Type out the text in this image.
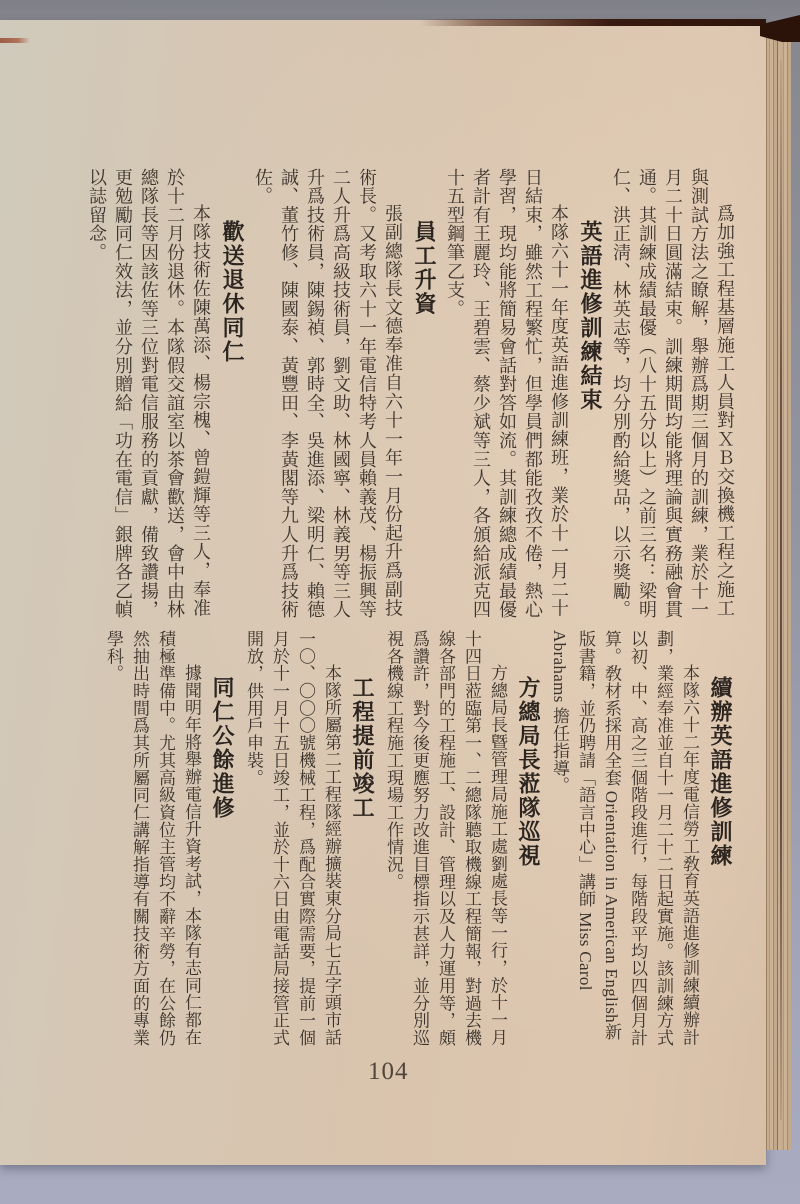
爲加強工程基層施工人員對ＸＢ交換機工程之施工與測試方法之瞭解，舉辦爲期三個月的訓練，業於十一月二十日圓滿結束。訓練期間均能將理論與實務融會貫通。其訓練成績最優（八十五分以上）之前三名：梁明仁、洪正淸、林英志等，均分別酌給獎品，以示獎勵。

英語進修訓練結束

本隊六十一年度英語進修訓練班，業於十一月二十日結束，雖然工程繁忙，但學員們都能孜孜不倦，熱心學習，現均能將簡易會話對答如流。其訓練總成績最優者計有王麗玲、王碧雲、蔡少斌等三人，各頒給派克四十五型鋼筆乙支。

員工升資

張副總隊長文德奉准自六十一年一月份起升爲副技術長。又考取六十一年電信特考人員賴義茂、楊振興等二人升爲高級技術員，劉文助、林國寧、林義男等三人升爲技術員，陳錫禎、郭時全、吳進添、梁明仁、賴德誠、董竹修、陳國泰、黃豐田、李黃閣等九人升爲技術佐。

歡送退休同仁

本隊技術佐陳萬添、楊宗槐、曾鎧輝等三人，奉准於十二月份退休。本隊假交誼室以茶會歡送，會中由林總隊長等因該佐等三位對電信服務的貢獻，備致讚揚，更勉勵同仁效法，並分別贈給「功在電信」銀牌各乙幀以誌留念。

續辦英語進修訓練

本隊六十二年度電信勞工敎育英語進修訓練續辦計劃，業經奉准並自十一月二十二日起實施。該訓練方式以初、中、高之三個階段進行，每階段平均以四個月計算。敎材系採用全套 Orientation in American English新版書籍，並仍聘請「語言中心」講師 Miss Carol Abrahams 擔任指導。

方總局長蒞隊巡視

方總局長曁管理局施工處劉處長等一行，於十一月十四日蒞臨第一、二總隊聽取機線工程簡報，對過去機線各部門的工程施工、設計、管理以及人力運用等，頗爲讚許，對今後更應努力改進目標指示甚詳，並分別巡視各機線工程施工現場工作情況。

工程提前竣工

本隊所屬第二工程隊經辦擴裝東分局七五字頭市話一〇、〇〇〇號機械工程，爲配合實際需要，提前一個月於十一月十五日竣工，並於十六日由電話局接管正式開放，供用戶申裝。

同仁公餘進修

據聞明年將舉辦電信升資考試，本隊有志同仁都在積極準備中。尤其高級資位主管均不辭辛勞，在公餘仍然抽出時間爲其所屬同仁講解指導有關技術方面的專業學科。

104
